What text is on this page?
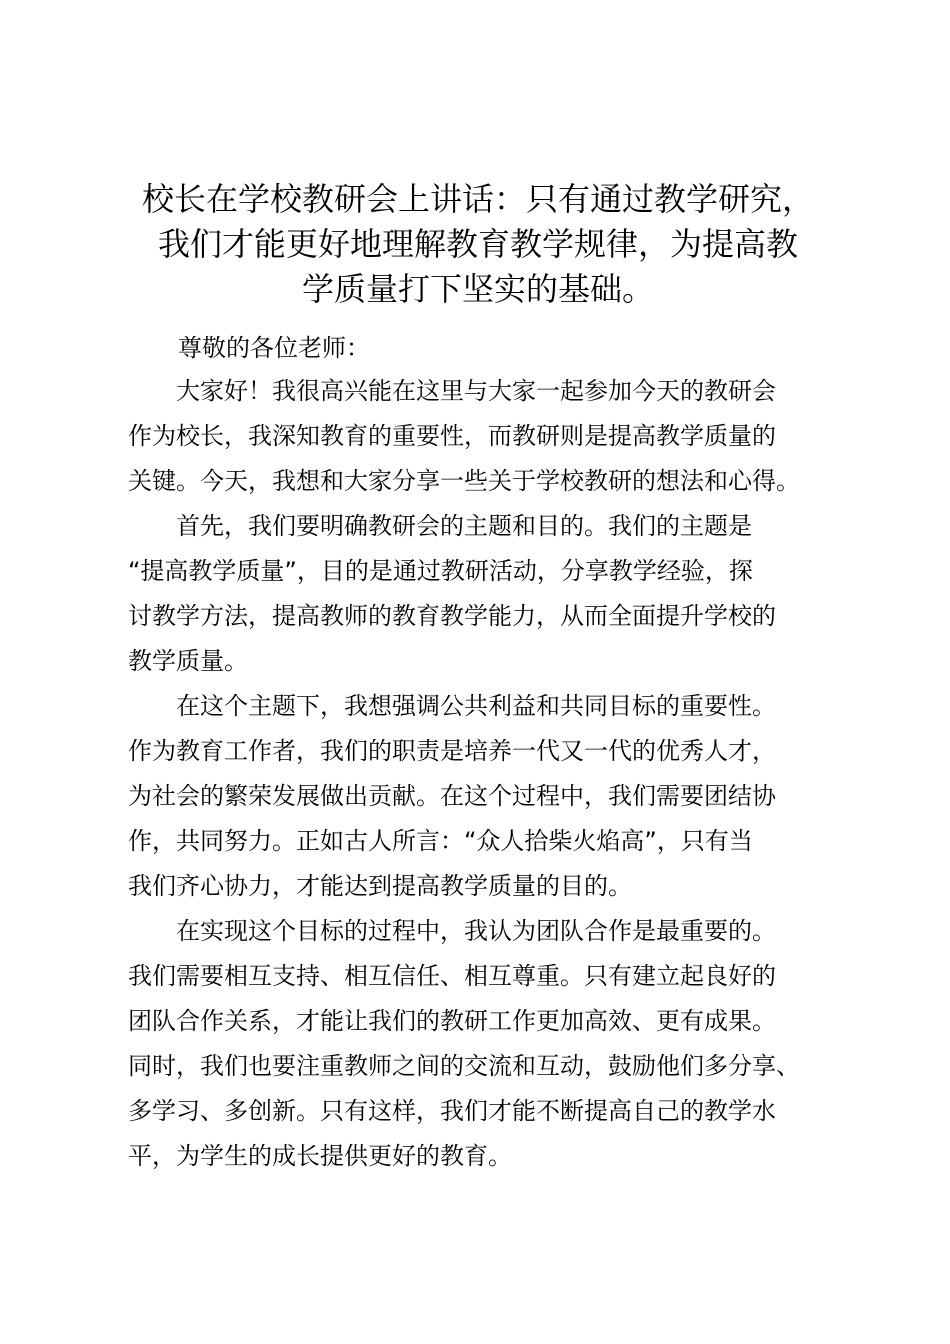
校长在学校教研会上讲话：只有通过教学研究，
我们才能更好地理解教育教学规律，为提高教
学质量打下坚实的基础。

尊敬的各位老师：

　　大家好！我很高兴能在这里与大家一起参加今天的教研会
作为校长，我深知教育的重要性，而教研则是提高教学质量的
关键。今天，我想和大家分享一些关于学校教研的想法和心得。
　　首先，我们要明确教研会的主题和目的。我们的主题是
“提高教学质量”，目的是通过教研活动，分享教学经验，探
讨教学方法，提高教师的教育教学能力，从而全面提升学校的
教学质量。
　　在这个主题下，我想强调公共利益和共同目标的重要性。
作为教育工作者，我们的职责是培养一代又一代的优秀人才，
为社会的繁荣发展做出贡献。在这个过程中，我们需要团结协
作，共同努力。正如古人所言：“众人拾柴火焰高”，只有当
我们齐心协力，才能达到提高教学质量的目的。
　　在实现这个目标的过程中，我认为团队合作是最重要的。
我们需要相互支持、相互信任、相互尊重。只有建立起良好的
团队合作关系，才能让我们的教研工作更加高效、更有成果。
同时，我们也要注重教师之间的交流和互动，鼓励他们多分享、
多学习、多创新。只有这样，我们才能不断提高自己的教学水
平，为学生的成长提供更好的教育。
